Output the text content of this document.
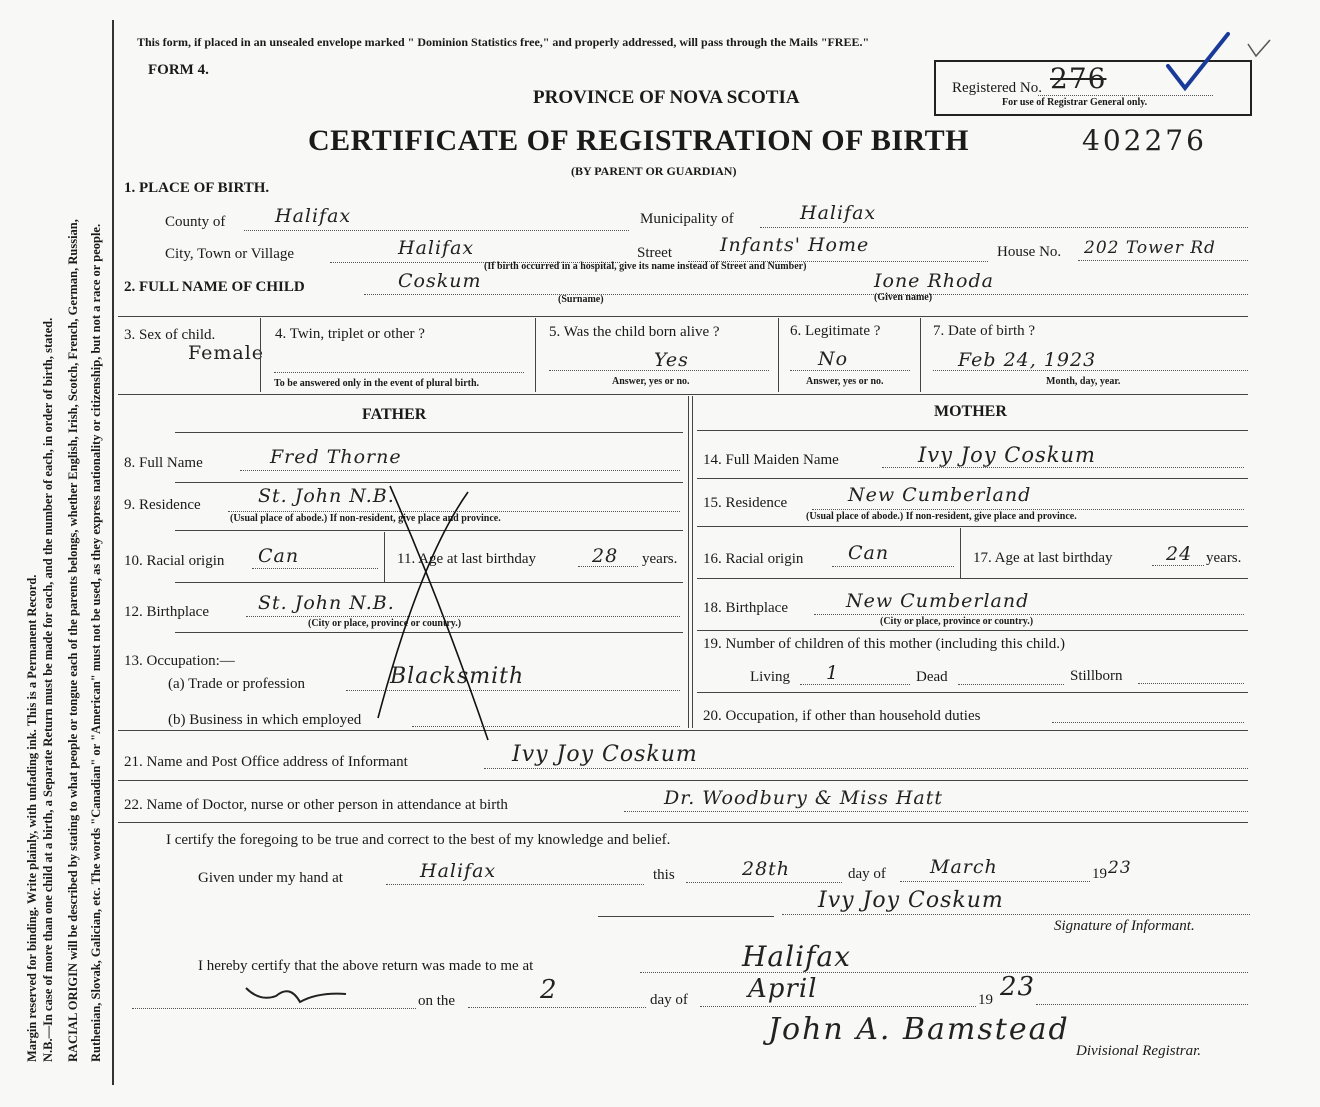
Margin reserved for binding. Write plainly, with unfading ink. This is a Permanent Record. N.B.—In case of more than one child at a birth, a Separate Return must be made for each, and the number of each, in order of birth, stated. RACIAL ORIGIN will be described by stating to what people or tongue each of the parents belongs, whether English, Irish, Scotch, French, German, Russian, Ruthenian, Slovak, Galician, etc. The words "Canadian" or "American" must not be used, as they express nationality or citizenship, but not a race or people.
This form, if placed in an unsealed envelope marked " Dominion Statistics free," and properly addressed, will pass through the Mails "FREE."
FORM 4.
PROVINCE OF NOVA SCOTIA
CERTIFICATE OF REGISTRATION OF BIRTH	402276
(BY PARENT OR GUARDIAN)
Registered No. 276
For use of Registrar General only.
1. PLACE OF BIRTH.
County of	Halifax	Municipality of	Halifax
City, Town or Village	Halifax	Street	Infants' Home
(If birth occurred in a hospital, give its name instead of Street and Number)
House No. 202 Tower Rd
2. FULL NAME OF CHILD	Coskum
(Surname)
Ione Rhoda
(Given name)
3. Sex of child.
Female
4. Twin, triplet or other ?
To be answered only in the event of plural birth.
5. Was the child born alive ?
Yes
Answer, yes or no.
6. Legitimate ?
No
Answer, yes or no.
7. Date of birth ?
Feb 24, 1923
Month, day, year.
FATHER	MOTHER
8. Full Name	Fred Thorne
9. Residence	St. John N.B.
(Usual place of abode.) If non-resident, give place and province.
10. Racial origin Can	11. Age at last birthday	28 years.
12. Birthplace	St. John N.B.
(City or place, province or country.)
13. Occupation:—
(a) Trade or profession	Blacksmith
(b) Business in which employed
14. Full Maiden Name	Ivy Joy Coskum
15. Residence	New Cumberland
(Usual place of abode.) If non-resident, give place and province.
16. Racial origin Can	17. Age at last birthday	24 years.
18. Birthplace	New Cumberland
(City or place, province or country.)
19. Number of children of this mother (including this child.)
Living 1	Dead	Stillborn
20. Occupation, if other than household duties
21. Name and Post Office address of Informant	Ivy Joy Coskum
22. Name of Doctor, nurse or other person in attendance at birth	Dr. Woodbury & Miss Hatt
I certify the foregoing to be true and correct to the best of my knowledge and belief.
Given under my hand at	Halifax	this	28th	day of March	19 23
Ivy Joy Coskum
Signature of Informant.
I hereby certify that the above return was made to me at	Halifax
on the	2	day of April	19 23
John A. Bamstead
Divisional Registrar.
